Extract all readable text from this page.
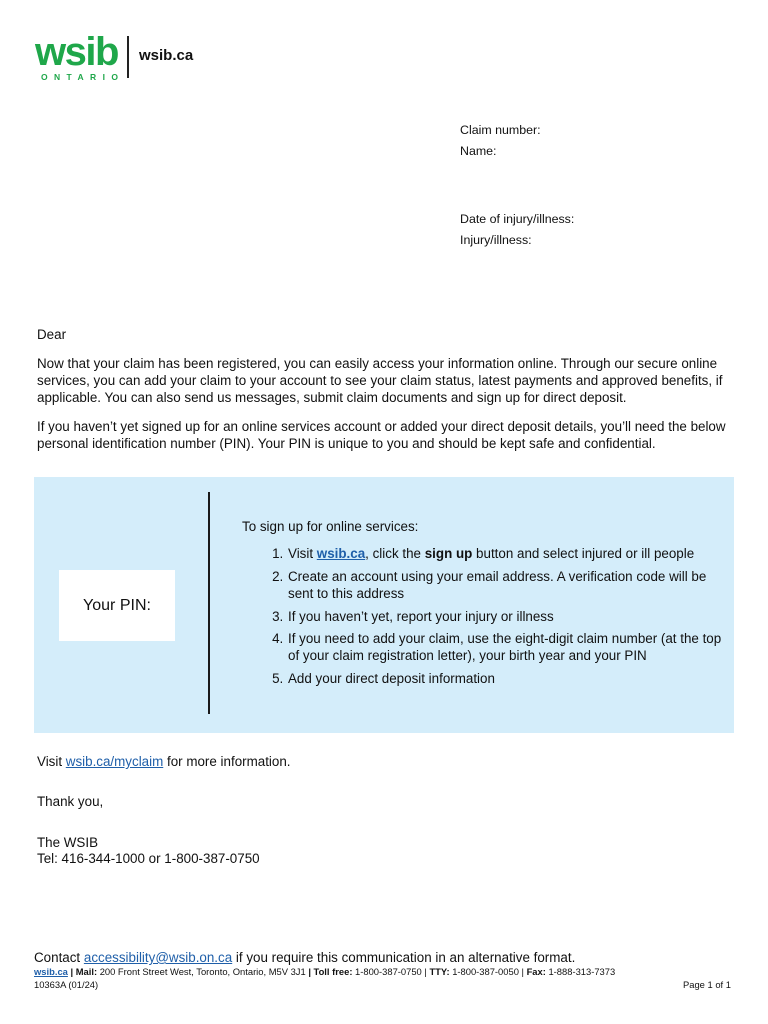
wsib
ONTARIO
wsib.ca
Claim number:
Name:
Date of injury/illness:
Injury/illness:

Dear

Now that your claim has been registered, you can easily access your information online. Through our secure online services, you can add your claim to your account to see your claim status, latest payments and approved benefits, if applicable. You can also send us messages, submit claim documents and sign up for direct deposit.

If you haven’t yet signed up for an online services account or added your direct deposit details, you’ll need the below personal identification number (PIN). Your PIN is unique to you and should be kept safe and confidential.

Your PIN:

To sign up for online services:

1. Visit wsib.ca, click the sign up button and select injured or ill people
2. Create an account using your email address. A verification code will be sent to this address
3. If you haven’t yet, report your injury or illness
4. If you need to add your claim, use the eight-digit claim number (at the top of your claim registration letter), your birth year and your PIN
5. Add your direct deposit information
Visit wsib.ca/myclaim for more information.
Thank you,
The WSIB
Tel: 416-344-1000 or 1-800-387-0750
Contact accessibility@wsib.on.ca if you require this communication in an alternative format.
wsib.ca | Mail: 200 Front Street West, Toronto, Ontario, M5V 3J1 | Toll free: 1-800-387-0750 | TTY: 1-800-387-0050 | Fax: 1-888-313-7373
10363A (01/24)	Page 1 of 1
